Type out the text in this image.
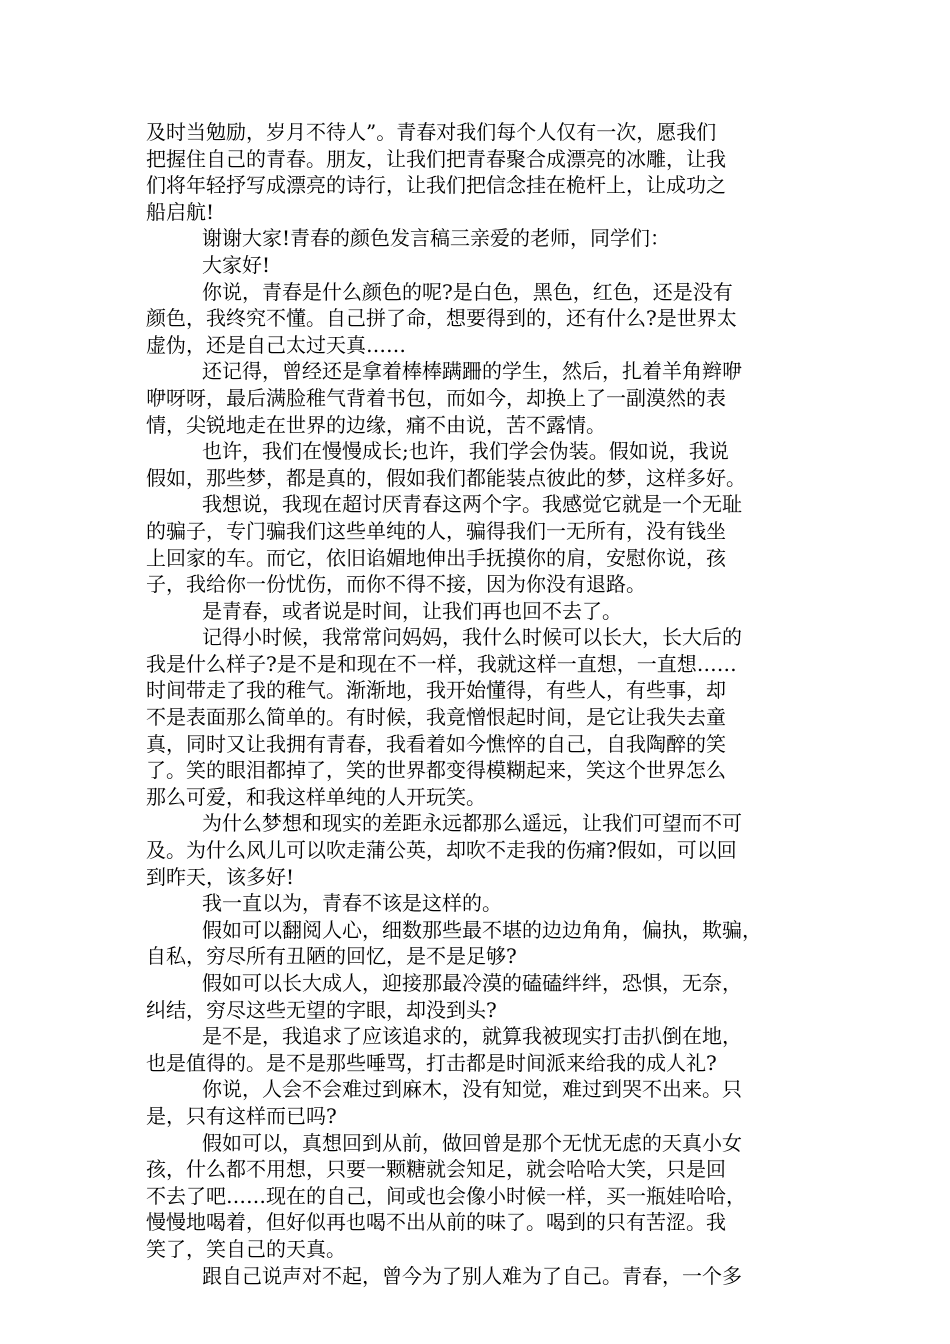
及时当勉励，岁月不待人”。青春对我们每个人仅有一次，愿我们
把握住自己的青春。朋友，让我们把青春聚合成漂亮的冰雕，让我
们将年轻抒写成漂亮的诗行，让我们把信念挂在桅杆上，让成功之
船启航!
谢谢大家!青春的颜色发言稿三亲爱的老师，同学们：
大家好!
你说，青春是什么颜色的呢?是白色，黑色，红色，还是没有
颜色，我终究不懂。自己拼了命，想要得到的，还有什么?是世界太
虚伪，还是自己太过天真……
还记得，曾经还是拿着棒棒蹒跚的学生，然后，扎着羊角辫咿
咿呀呀，最后满脸稚气背着书包，而如今，却换上了一副漠然的表
情，尖锐地走在世界的边缘，痛不由说，苦不露情。
也许，我们在慢慢成长;也许，我们学会伪装。假如说，我说
假如，那些梦，都是真的，假如我们都能装点彼此的梦，这样多好。
我想说，我现在超讨厌青春这两个字。我感觉它就是一个无耻
的骗子，专门骗我们这些单纯的人，骗得我们一无所有，没有钱坐
上回家的车。而它，依旧谄媚地伸出手抚摸你的肩，安慰你说，孩
子，我给你一份忧伤，而你不得不接，因为你没有退路。
是青春，或者说是时间，让我们再也回不去了。
记得小时候，我常常问妈妈，我什么时候可以长大，长大后的
我是什么样子?是不是和现在不一样，我就这样一直想，一直想……
时间带走了我的稚气。渐渐地，我开始懂得，有些人，有些事，却
不是表面那么简单的。有时候，我竟憎恨起时间，是它让我失去童
真，同时又让我拥有青春，我看着如今憔悴的自己，自我陶醉的笑
了。笑的眼泪都掉了，笑的世界都变得模糊起来，笑这个世界怎么
那么可爱，和我这样单纯的人开玩笑。
为什么梦想和现实的差距永远都那么遥远，让我们可望而不可
及。为什么风儿可以吹走蒲公英，却吹不走我的伤痛?假如，可以回
到昨天，该多好!
我一直以为，青春不该是这样的。
假如可以翻阅人心，细数那些最不堪的边边角角，偏执，欺骗，
自私，穷尽所有丑陋的回忆，是不是足够?
假如可以长大成人，迎接那最冷漠的磕磕绊绊，恐惧，无奈，
纠结，穷尽这些无望的字眼，却没到头?
是不是，我追求了应该追求的，就算我被现实打击扒倒在地，
也是值得的。是不是那些唾骂，打击都是时间派来给我的成人礼?
你说，人会不会难过到麻木，没有知觉，难过到哭不出来。只
是，只有这样而已吗?
假如可以，真想回到从前，做回曾是那个无忧无虑的天真小女
孩，什么都不用想，只要一颗糖就会知足，就会哈哈大笑，只是回
不去了吧……现在的自己，间或也会像小时候一样，买一瓶娃哈哈，
慢慢地喝着，但好似再也喝不出从前的味了。喝到的只有苦涩。我
笑了，笑自己的天真。
跟自己说声对不起，曾今为了别人难为了自己。青春，一个多
